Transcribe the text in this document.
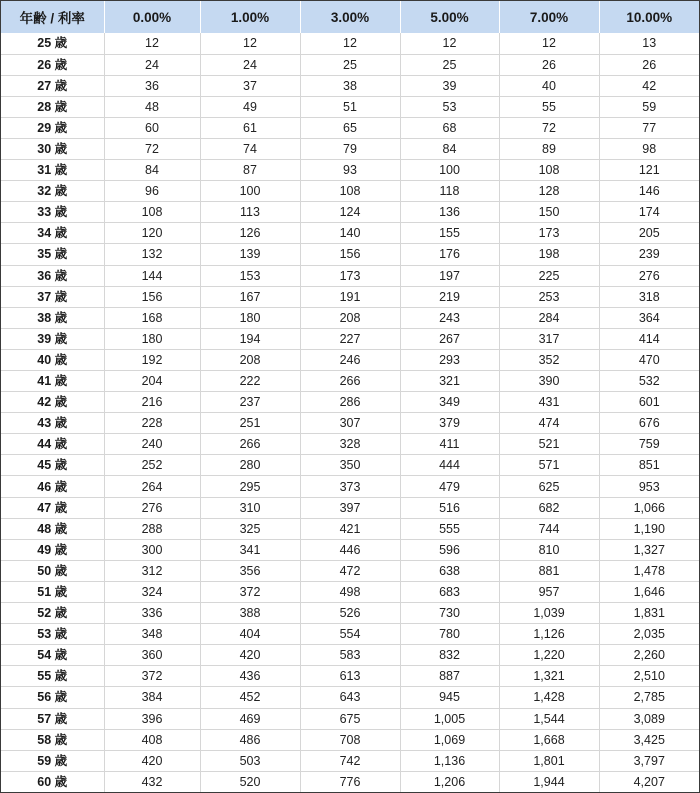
年齢 / 利率	0.00%	1.00%	3.00%	5.00%	7.00%	10.00%
25 歳	12	12	12	12	12	13
26 歳	24	24	25	25	26	26
27 歳	36	37	38	39	40	42
28 歳	48	49	51	53	55	59
29 歳	60	61	65	68	72	77
30 歳	72	74	79	84	89	98
31 歳	84	87	93	100	108	121
32 歳	96	100	108	118	128	146
33 歳	108	113	124	136	150	174
34 歳	120	126	140	155	173	205
35 歳	132	139	156	176	198	239
36 歳	144	153	173	197	225	276
37 歳	156	167	191	219	253	318
38 歳	168	180	208	243	284	364
39 歳	180	194	227	267	317	414
40 歳	192	208	246	293	352	470
41 歳	204	222	266	321	390	532
42 歳	216	237	286	349	431	601
43 歳	228	251	307	379	474	676
44 歳	240	266	328	411	521	759
45 歳	252	280	350	444	571	851
46 歳	264	295	373	479	625	953
47 歳	276	310	397	516	682	1,066
48 歳	288	325	421	555	744	1,190
49 歳	300	341	446	596	810	1,327
50 歳	312	356	472	638	881	1,478
51 歳	324	372	498	683	957	1,646
52 歳	336	388	526	730	1,039	1,831
53 歳	348	404	554	780	1,126	2,035
54 歳	360	420	583	832	1,220	2,260
55 歳	372	436	613	887	1,321	2,510
56 歳	384	452	643	945	1,428	2,785
57 歳	396	469	675	1,005	1,544	3,089
58 歳	408	486	708	1,069	1,668	3,425
59 歳	420	503	742	1,136	1,801	3,797
60 歳	432	520	776	1,206	1,944	4,207
